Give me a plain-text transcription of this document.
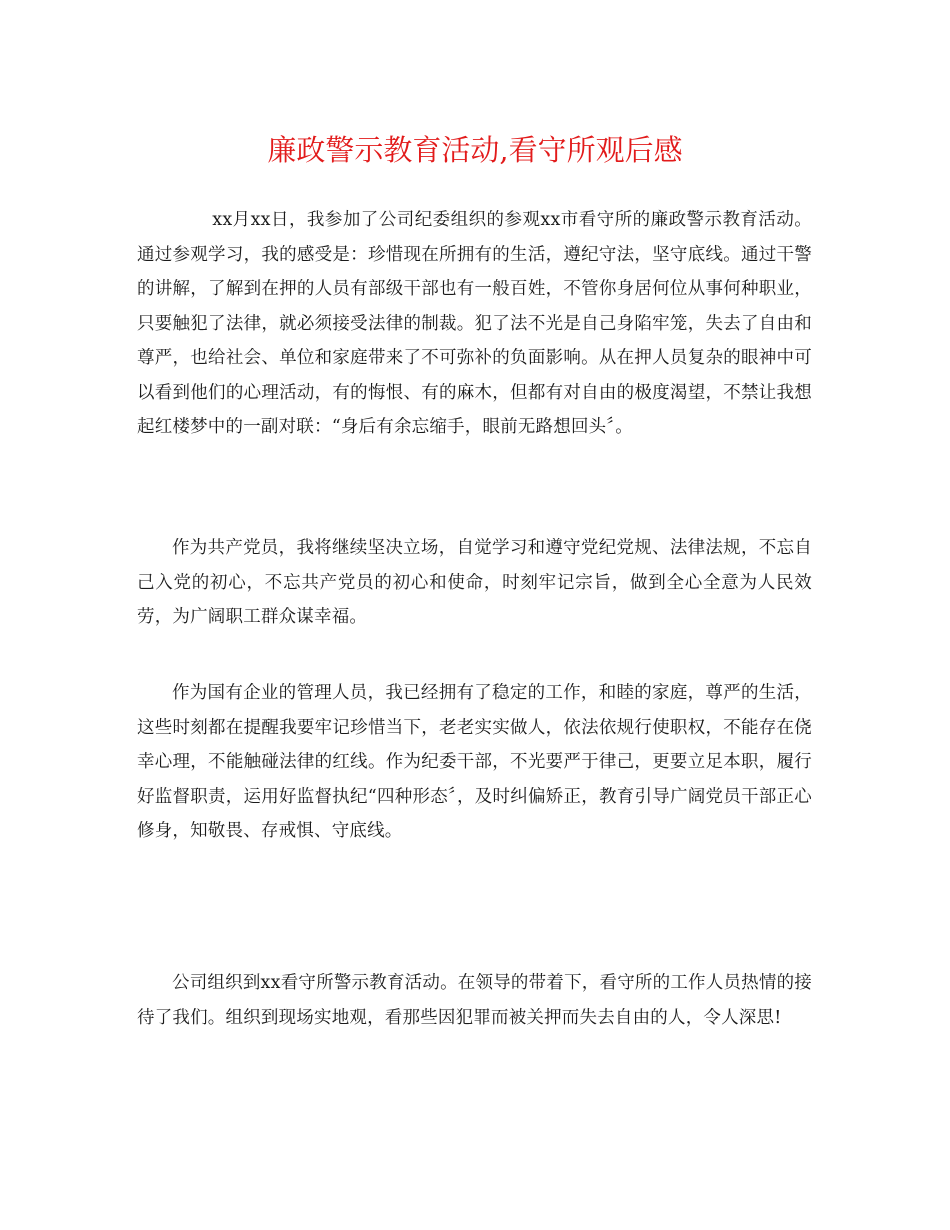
廉政警示教育活动,看守所观后感

xx月xx日，我参加了公司纪委组织的参观xx市看守所的廉政警示教育活动。通过参观学习，我的感受是：珍惜现在所拥有的生活，遵纪守法，坚守底线。通过干警的讲解，了解到在押的人员有部级干部也有一般百姓，不管你身居何位从事何种职业，只要触犯了法律，就必须接受法律的制裁。犯了法不光是自己身陷牢笼，失去了自由和尊严，也给社会、单位和家庭带来了不可弥补的负面影响。从在押人员复杂的眼神中可以看到他们的心理活动，有的悔恨、有的麻木，但都有对自由的极度渴望，不禁让我想起红楼梦中的一副对联：“身后有余忘缩手，眼前无路想回头〞。

作为共产党员，我将继续坚决立场，自觉学习和遵守党纪党规、法律法规，不忘自己入党的初心，不忘共产党员的初心和使命，时刻牢记宗旨，做到全心全意为人民效劳，为广阔职工群众谋幸福。

作为国有企业的管理人员，我已经拥有了稳定的工作，和睦的家庭，尊严的生活，这些时刻都在提醒我要牢记珍惜当下，老老实实做人，依法依规行使职权，不能存在侥幸心理，不能触碰法律的红线。作为纪委干部，不光要严于律己，更要立足本职，履行好监督职责，运用好监督执纪“四种形态〞，及时纠偏矫正，教育引导广阔党员干部正心修身，知敬畏、存戒惧、守底线。

公司组织到xx看守所警示教育活动。在领导的带着下，看守所的工作人员热情的接待了我们。组织到现场实地观，看那些因犯罪而被关押而失去自由的人，令人深思!
